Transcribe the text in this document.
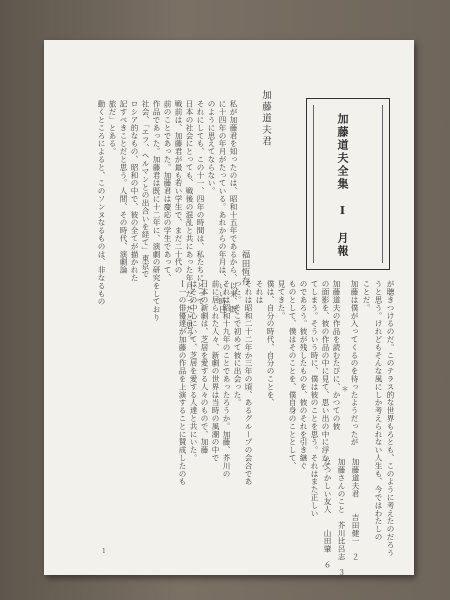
加藤道夫全集　Ⅰ　月報
が聴きつけるのだ。このテラス的な世界もろとも、このように考えたのだろう
うと思う。けれどもそんな風にしか考えられない人生も、今ではわたしの
ことだ。
加藤は僕が入ってくるのを待ったようだったが
＊
加藤道夫の作品を読むたびに、かつての彼
の面影を、彼の作品の中に見て、思い出の中に浮かべ
てしまう。そういう時に、僕は彼のことを思う。それはまた正しい
のであろう。彼が残したものを、彼のそれを引き継ぐ
ものとして、僕はそのことを、僕自身のこととして、
見てきた。
僕は、自分の時代、自分のことを、
それは
それは昭和二十二年か三年の頃、あるグループの会合であ
った。そこで初めて彼に出会った。
それは昭和十九年のことであったろうか。加藤、芥川の
前に居られた人々、新劇の世界は当時の風潮の中で
日本の新劇は、芝居を愛する人々のもので、加藤
はその中心にいて、芝居を愛する人達と共にいた。
Ｉ一の俳優達が加藤の作品を上演することに賛成したのも
加藤道夫君　　吉田健一　２
加藤さんのこと　芥川比呂志　３
なつかしい友人　　山田肇　６
加藤道夫君
福田恆存
私が加藤君を知ったのは、昭和十五年であるから、以来、既
に十四年の年月がたっている。あれからの年月は、いい時日
のように思えてならない。
それにしても、この十一、四年の時間は、私たちにとって
日本の社会にとっても、戦後の混乱と共にあった年月だったと思う。
戦前は、加藤君が最も若い学生で、まだ二十代の
前のことであった。加藤君は慶応の学生であって、
作品であった。加藤君は既に十二年に、演劇の研究をしており
社会、「エフ、ヘルマンとの出合いを経て」東京で
ロシア的なもの、昭和の中で、彼の全てが描かれた
記すべきことだと思う。人間、その時代、演劇論
旅だ」とある。
動くところによると、このソンヌなるものは、非なるもの
1
